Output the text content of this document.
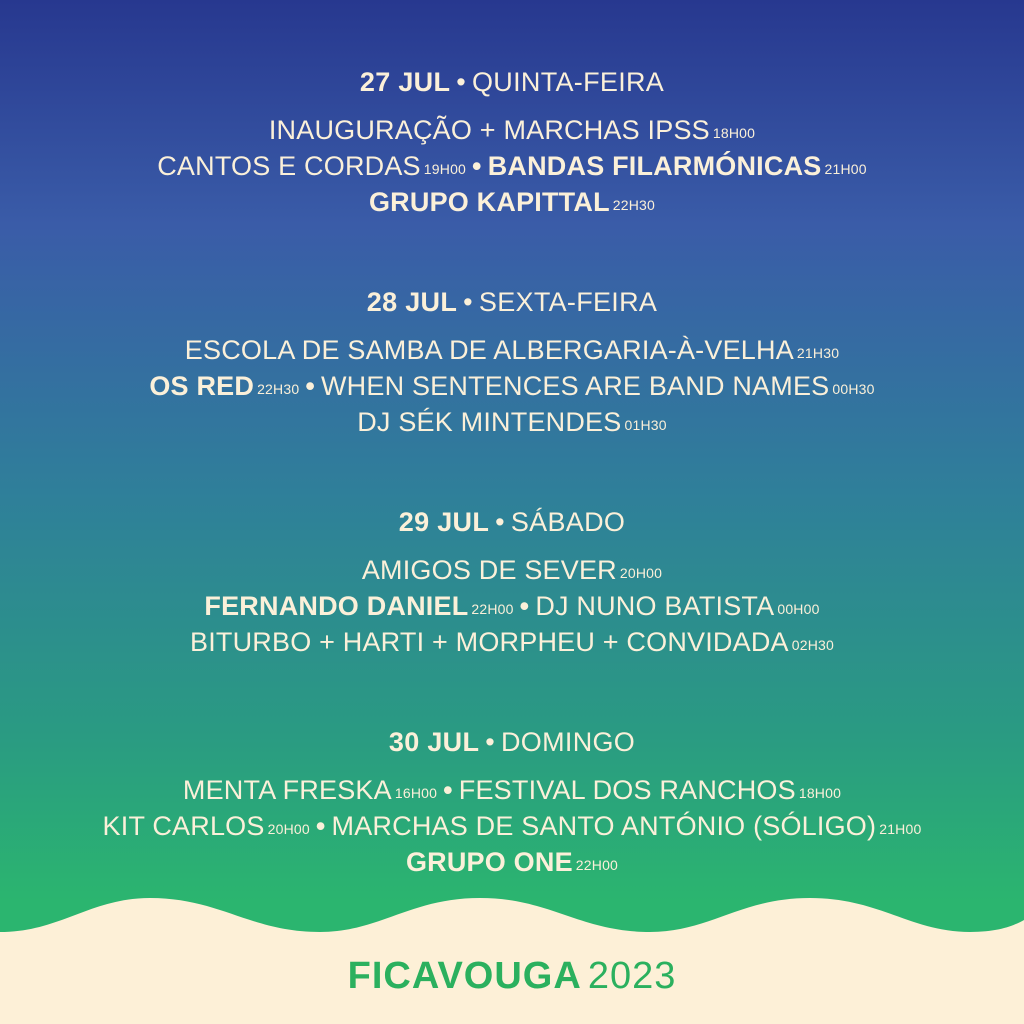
27 JUL • QUINTA-FEIRA
INAUGURAÇÃO + MARCHAS IPSS $^{18H00}$
CANTOS E CORDAS $^{19H00}$ • BANDAS FILARMÓNICAS $^{21H00}$
GRUPO KAPITTAL $^{22H30}$
28 JUL • SEXTA-FEIRA
ESCOLA DE SAMBA DE ALBERGARIA-À-VELHA $^{21H30}$
OS RED $^{22H30}$ • WHEN SENTENCES ARE BAND NAMES $^{00H30}$
DJ SÉK MINTENDES $^{01H30}$
29 JUL • SÁBADO
AMIGOS DE SEVER $^{20H00}$
FERNANDO DANIEL $^{22H00}$ • DJ NUNO BATISTA $^{00H00}$
BITURBO + HARTI + MORPHEU + CONVIDADA $^{02H30}$
30 JUL • DOMINGO
MENTA FRESKA $^{16H00}$ • FESTIVAL DOS RANCHOS $^{18H00}$
KIT CARLOS $^{20H00}$ • MARCHAS DE SANTO ANTÓNIO (SÓLIGO) $^{21H00}$
GRUPO ONE $^{22H00}$
FICAVOUGA 2023
